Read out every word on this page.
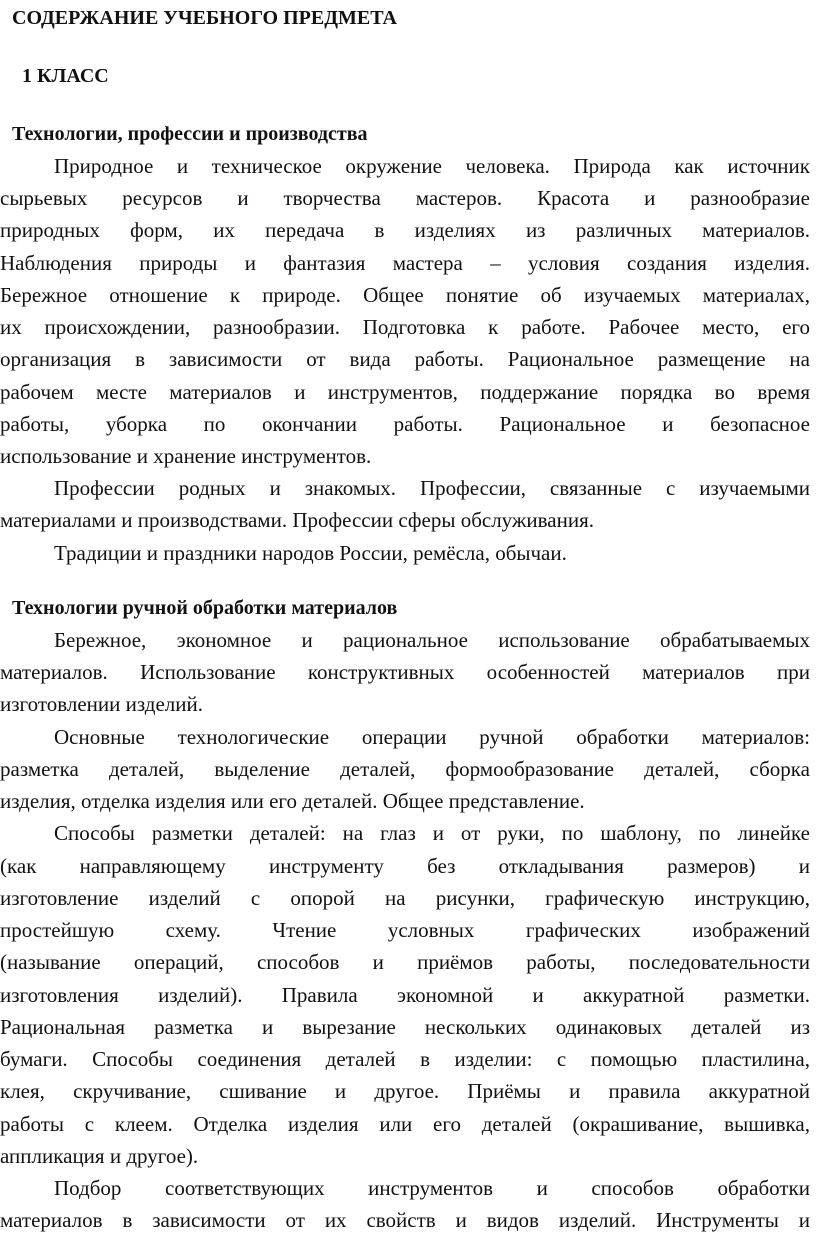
СОДЕРЖАНИЕ УЧЕБНОГО ПРЕДМЕТА
1 КЛАСС
Технологии, профессии и производства
Природное и техническое окружение человека. Природа как источник
сырьевых ресурсов и творчества мастеров. Красота и разнообразие
природных форм, их передача в изделиях из различных материалов.
Наблюдения природы и фантазия мастера – условия создания изделия.
Бережное отношение к природе. Общее понятие об изучаемых материалах,
их происхождении, разнообразии. Подготовка к работе. Рабочее место, его
организация в зависимости от вида работы. Рациональное размещение на
рабочем месте материалов и инструментов, поддержание порядка во время
работы, уборка по окончании работы. Рациональное и безопасное
использование и хранение инструментов.
Профессии родных и знакомых. Профессии, связанные с изучаемыми
материалами и производствами. Профессии сферы обслуживания.
Традиции и праздники народов России, ремёсла, обычаи.
Технологии ручной обработки материалов
Бережное, экономное и рациональное использование обрабатываемых
материалов. Использование конструктивных особенностей материалов при
изготовлении изделий.
Основные технологические операции ручной обработки материалов:
разметка деталей, выделение деталей, формообразование деталей, сборка
изделия, отделка изделия или его деталей. Общее представление.
Способы разметки деталей: на глаз и от руки, по шаблону, по линейке
(как направляющему инструменту без откладывания размеров) и
изготовление изделий с опорой на рисунки, графическую инструкцию,
простейшую схему. Чтение условных графических изображений
(называние операций, способов и приёмов работы, последовательности
изготовления изделий). Правила экономной и аккуратной разметки.
Рациональная разметка и вырезание нескольких одинаковых деталей из
бумаги. Способы соединения деталей в изделии: с помощью пластилина,
клея, скручивание, сшивание и другое. Приёмы и правила аккуратной
работы с клеем. Отделка изделия или его деталей (окрашивание, вышивка,
аппликация и другое).
Подбор соответствующих инструментов и способов обработки
материалов в зависимости от их свойств и видов изделий. Инструменты и
